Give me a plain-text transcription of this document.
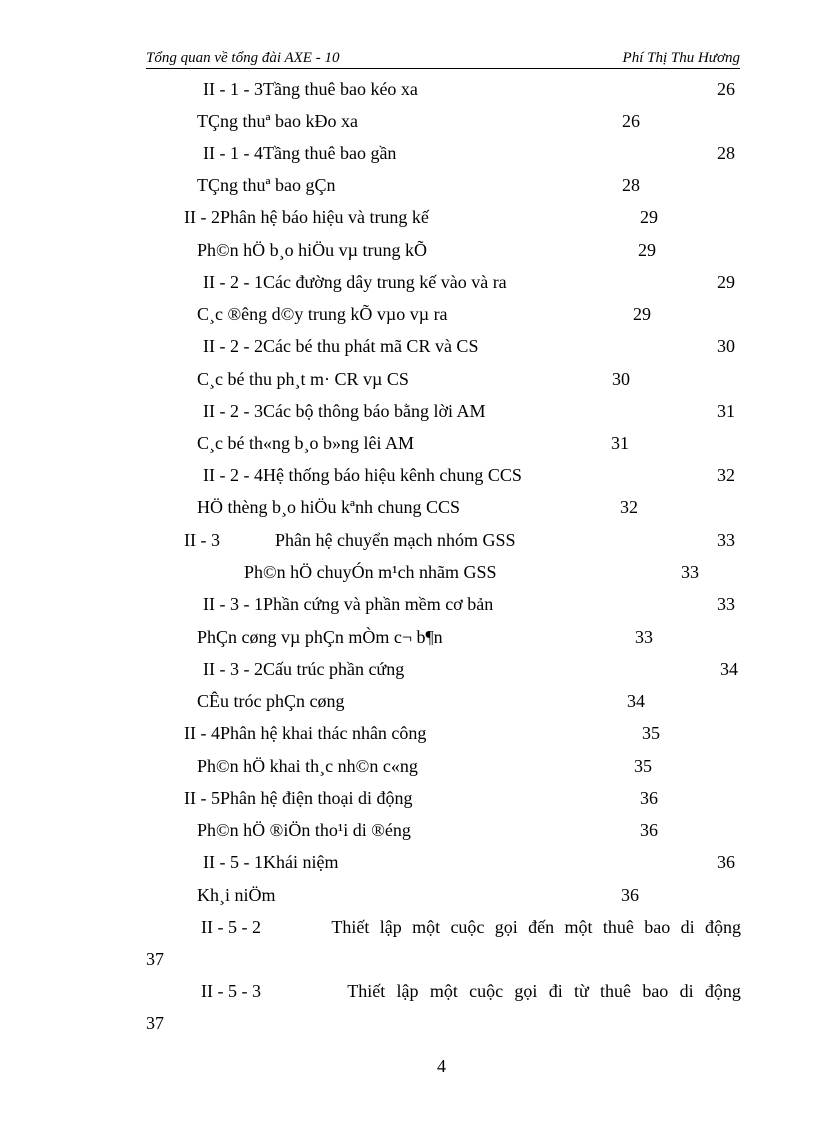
Tổng quan về tổng đài AXE - 10	Phí Thị Thu Hương
II - 1 - 3Tầng thuê bao kéo xa	26
TÇng thuª bao kÐo xa	26
II - 1 - 4Tầng thuê bao gần	28
TÇng thuª bao gÇn	28
II - 2Phân hệ báo hiệu và trung kế	29
Ph©n hÖ b¸o hiÖu vµ trung kÕ	29
II - 2 - 1Các đường dây trung kế vào và ra	29
C¸c ®êng d©y trung kÕ vµo vµ ra	29
II - 2 - 2Các bé thu phát mã CR và CS	30
C¸c bé thu ph¸t m· CR vµ CS	30
II - 2 - 3Các bộ thông báo bằng lời AM	31
C¸c bé th«ng b¸o b»ng lêi AM	31
II - 2 - 4Hệ thống báo hiệu kênh chung CCS	32
HÖ thèng b¸o hiÖu kªnh chung CCS	32
II - 3	Phân hệ chuyển mạch nhóm GSS	33
Ph©n hÖ chuyÓn m¹ch nhãm GSS	33
II - 3 - 1Phần cứng và phần mềm cơ bản	33
PhÇn cøng vµ phÇn mÒm c¬ b¶n	33
II - 3 - 2Cấu trúc phần cứng	34
CÊu tróc phÇn cøng	34
II - 4Phân hệ khai thác nhân công	35
Ph©n hÖ khai th¸c nh©n c«ng	35
II - 5Phân hệ điện thoại di động	36
Ph©n hÖ ®iÖn tho¹i di ®éng	36
II - 5 - 1Khái niệm	36
Kh¸i niÖm	36
II - 5 - 2	Thiết lập một cuộc gọi đến một thuê bao di động
37
II - 5 - 3	Thiết lập một cuộc gọi đi từ thuê bao di động
37
4
